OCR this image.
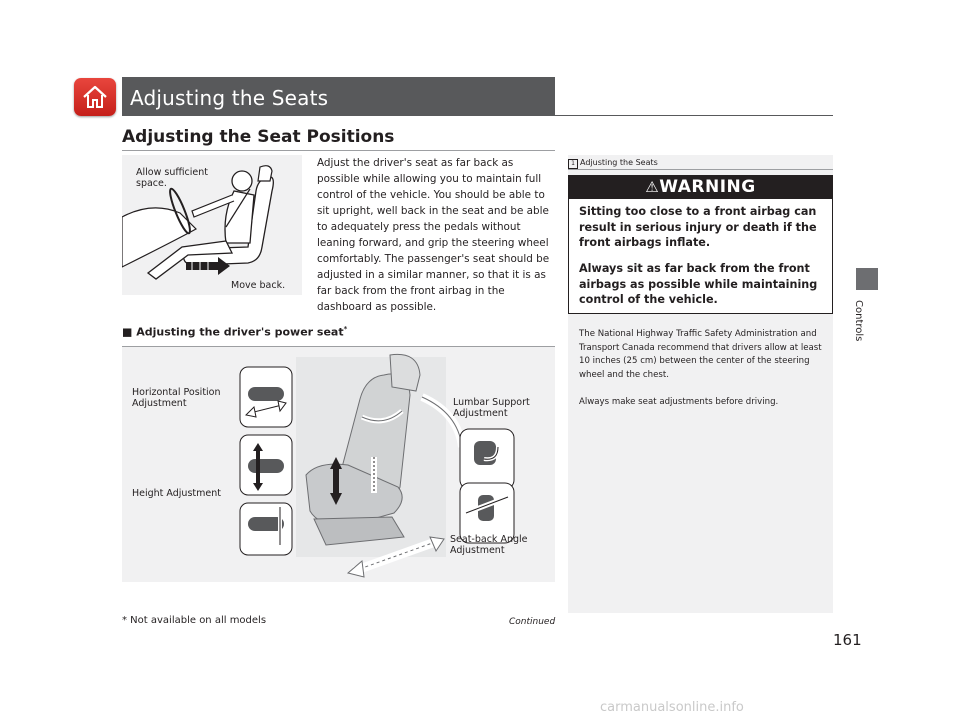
Adjusting the Seats
Adjusting the Seat Positions
Allow sufficient
space.
Move back.
Adjust the driver's seat as far back as possible while allowing you to maintain full control of the vehicle. You should be able to sit upright, well back in the seat and be able to adequately press the pedals without leaning forward, and grip the steering wheel comfortably. The passenger's seat should be adjusted in a similar manner, so that it is as far back from the front airbag in the dashboard as possible.
■ Adjusting the driver's power seat*
Horizontal Position
Adjustment
Height Adjustment
Lumbar Support
Adjustment
Seat-back Angle
Adjustment
1 Adjusting the Seats
⚠WARNING
Sitting too close to a front airbag can result in serious injury or death if the front airbags inflate.
Always sit as far back from the front airbags as possible while maintaining control of the vehicle.
The National Highway Traffic Safety Administration and Transport Canada recommend that drivers allow at least 10 inches (25 cm) between the center of the steering wheel and the chest.
Always make seat adjustments before driving.
Controls
* Not available on all models	Continued
161
carmanualsonline.info
